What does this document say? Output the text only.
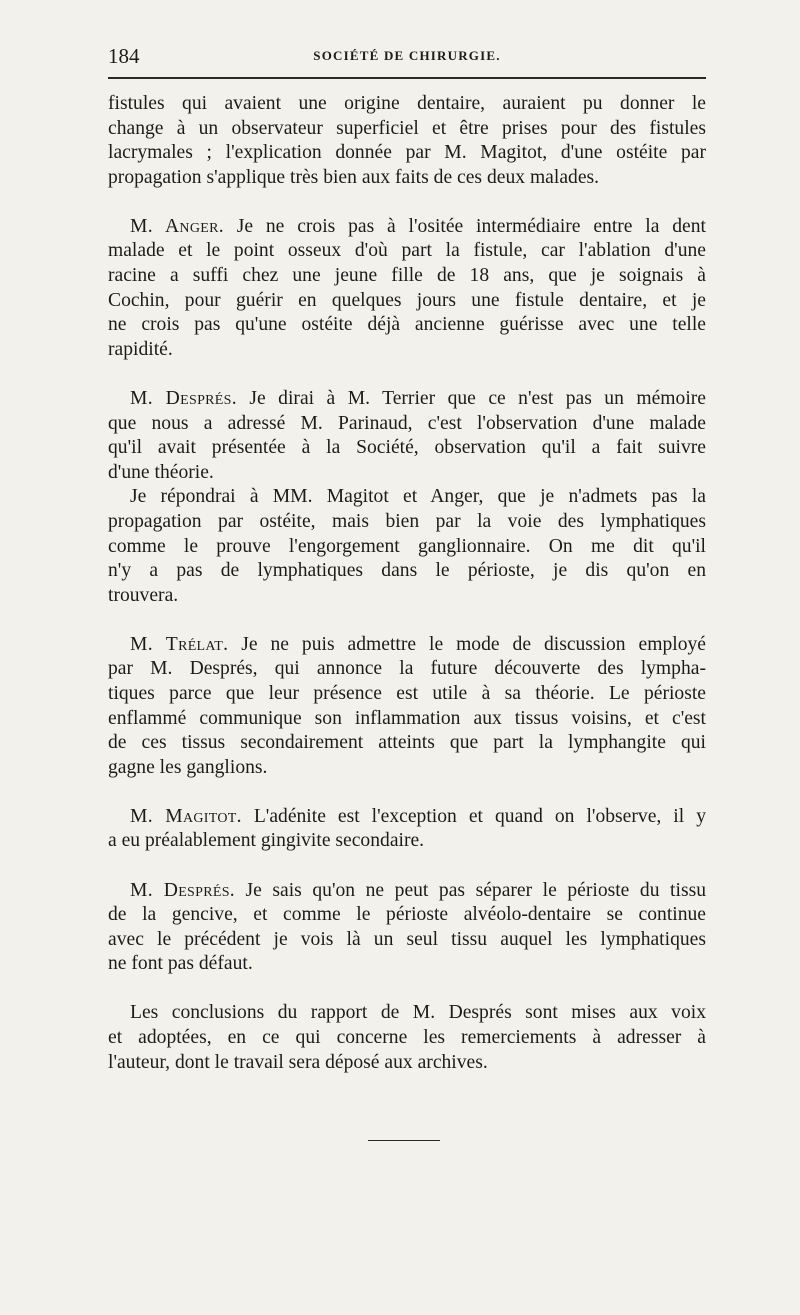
184	SOCIÉTÉ DE CHIRURGIE.
fistules qui avaient une origine dentaire, auraient pu donner le
change à un observateur superficiel et être prises pour des fistules
lacrymales ; l'explication donnée par M. Magitot, d'une ostéite par
propagation s'applique très bien aux faits de ces deux malades.
M. Anger. Je ne crois pas à l'ositée intermédiaire entre la dent
malade et le point osseux d'où part la fistule, car l'ablation d'une
racine a suffi chez une jeune fille de 18 ans, que je soignais à
Cochin, pour guérir en quelques jours une fistule dentaire, et je
ne crois pas qu'une ostéite déjà ancienne guérisse avec une telle
rapidité.
M. Després. Je dirai à M. Terrier que ce n'est pas un mémoire
que nous a adressé M. Parinaud, c'est l'observation d'une malade
qu'il avait présentée à la Société, observation qu'il a fait suivre
d'une théorie.
Je répondrai à MM. Magitot et Anger, que je n'admets pas la
propagation par ostéite, mais bien par la voie des lymphatiques
comme le prouve l'engorgement ganglionnaire. On me dit qu'il
n'y a pas de lymphatiques dans le périoste, je dis qu'on en
trouvera.
M. Trélat. Je ne puis admettre le mode de discussion employé
par M. Després, qui annonce la future découverte des lympha-
tiques parce que leur présence est utile à sa théorie. Le périoste
enflammé communique son inflammation aux tissus voisins, et c'est
de ces tissus secondairement atteints que part la lymphangite qui
gagne les ganglions.
M. Magitot. L'adénite est l'exception et quand on l'observe, il y
a eu préalablement gingivite secondaire.
M. Després. Je sais qu'on ne peut pas séparer le périoste du tissu
de la gencive, et comme le périoste alvéolo-dentaire se continue
avec le précédent je vois là un seul tissu auquel les lymphatiques
ne font pas défaut.
Les conclusions du rapport de M. Després sont mises aux voix
et adoptées, en ce qui concerne les remerciements à adresser à
l'auteur, dont le travail sera déposé aux archives.
